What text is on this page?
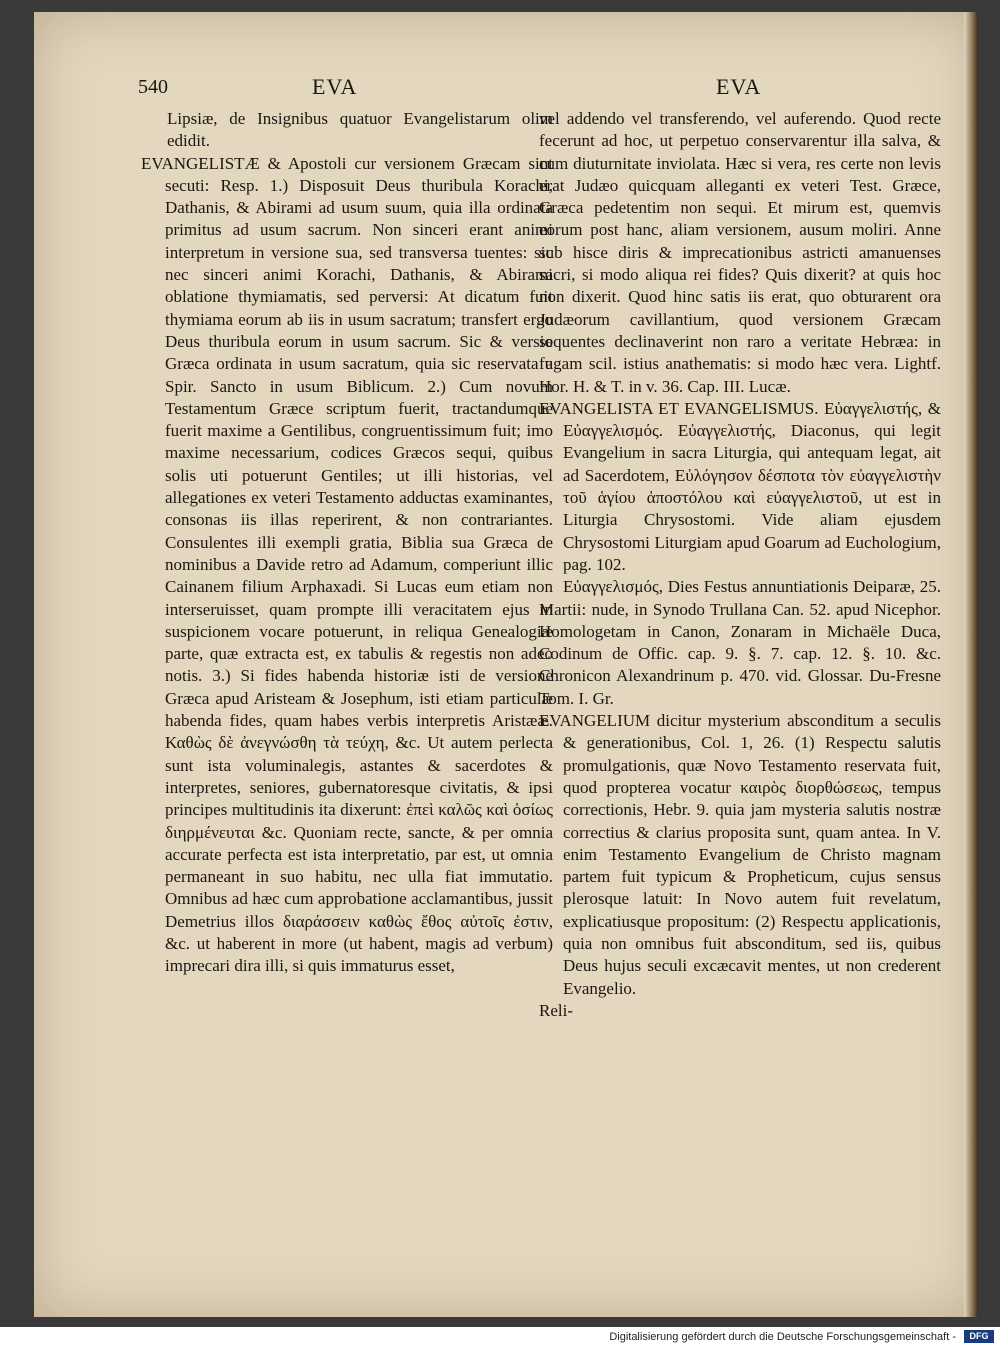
540	EVA	EVA

Lipsiæ, de Insignibus quatuor Evangelistarum olim edidit.

EVANGELISTÆ & Apostoli cur versionem Græcam sint secuti: Resp. 1.) Disposuit Deus thuribula Korachi, Dathanis, & Abirami ad usum suum, quia illa ordinata primitus ad usum sacrum. Non sinceri erant animi interpretum in versione sua, sed transversa tuentes: sic nec sinceri animi Korachi, Dathanis, & Abirami oblatione thymiamatis, sed perversi: At dicatum fuit thymiama eorum ab iis in usum sacratum; transfert ergo Deus thuribula eorum in usum sacrum. Sic & versio Græca ordinata in usum sacratum, quia sic reservata a Spir. Sancto in usum Biblicum. 2.) Cum novum Testamentum Græce scriptum fuerit, tractandumque fuerit maxime a Gentilibus, congruentissimum fuit; imo maxime necessarium, codices Græcos sequi, quibus solis uti potuerunt Gentiles; ut illi historias, vel allegationes ex veteri Testamento adductas examinantes, consonas iis illas reperirent, & non contrariantes. Consulentes illi exempli gratia, Biblia sua Græca de nominibus a Davide retro ad Adamum, comperiunt illic Cainanem filium Arphaxadi. Si Lucas eum etiam non interseruisset, quam prompte illi veracitatem ejus in suspicionem vocare potuerunt, in reliqua Genealogiæ parte, quæ extracta est, ex tabulis & regestis non adeo notis. 3.) Si fides habenda historiæ isti de versione Græca apud Aristeam & Josephum, isti etiam particulæ habenda fides, quam habes verbis interpretis Aristææ. Καθὼς δὲ ἀνεγνώσθη τὰ τεύχη, &c. Ut autem perlecta sunt ista voluminalegis, astantes & sacerdotes & interpretes, seniores, gubernatoresque civitatis, & ipsi principes multitudinis ita dixerunt: ἐπεὶ καλῶς καὶ ὁσίως διηρμένευται &c. Quoniam recte, sancte, & per omnia accurate perfecta est ista interpretatio, par est, ut omnia permaneant in suo habitu, nec ulla fiat immutatio. Omnibus ad hæc cum approbatione acclamantibus, jussit Demetrius illos διαράσσειν καθὼς ἔθος αὐτοῖς ἐστιν, &c. ut haberent in more (ut habent, magis ad verbum) imprecari dira illi, si quis immaturus esset,

vel addendo vel transferendo, vel auferendo. Quod recte fecerunt ad hoc, ut perpetuo conservarentur illa salva, & cum diuturnitate inviolata. Hæc si vera, res certe non levis erat Judæo quicquam alleganti ex veteri Test. Græce, Græca pedetentim non sequi. Et mirum est, quemvis eorum post hanc, aliam versionem, ausum moliri. Anne sub hisce diris & imprecationibus astricti amanuenses sacri, si modo aliqua rei fides? Quis dixerit? at quis hoc non dixerit. Quod hinc satis iis erat, quo obturarent ora Judæorum cavillantium, quod versionem Græcam sequentes declinaverint non raro a veritate Hebræa: in fugam scil. istius anathematis: si modo hæc vera. Lightf. Hor. H. & T. in v. 36. Cap. III. Lucæ.

EVANGELISTA ET EVANGELISMUS. Εὐαγγελιστής, & Εὐαγγελισμός. Εὐαγγελιστής, Diaconus, qui legit Evangelium in sacra Liturgia, qui antequam legat, ait ad Sacerdotem, Εὐλόγησον δέσποτα τὸν εὐαγγελιστὴν τοῦ ἁγίου ἀποστόλου καὶ εὐαγγελιστοῦ, ut est in Liturgia Chrysostomi. Vide aliam ejusdem Chrysostomi Liturgiam apud Goarum ad Euchologium, pag. 102.

Εὐαγγελισμός, Dies Festus annuntiationis Deiparæ, 25. Martii: nude, in Synodo Trullana Can. 52. apud Nicephor. Homologetam in Canon, Zonaram in Michaële Duca, Codinum de Offic. cap. 9. §. 7. cap. 12. §. 10. &c. Chronicon Alexandrinum p. 470. vid. Glossar. Du-Fresne Tom. I. Gr.

EVANGELIUM dicitur mysterium absconditum a seculis & generationibus, Col. 1, 26. (1) Respectu salutis promulgationis, quæ Novo Testamento reservata fuit, quod propterea vocatur καιρὸς διορθώσεως, tempus correctionis, Hebr. 9. quia jam mysteria salutis nostræ correctius & clarius proposita sunt, quam antea. In V. enim Testamento Evangelium de Christo magnam partem fuit typicum & Propheticum, cujus sensus plerosque latuit: In Novo autem fuit revelatum, explicatiusque propositum: (2) Respectu applicationis, quia non omnibus fuit absconditum, sed iis, quibus Deus hujus seculi excæcavit mentes, ut non crederent Evangelio.

Reli-

Digitalisierung gefördert durch die Deutsche Forschungsgemeinschaft -	DFG
